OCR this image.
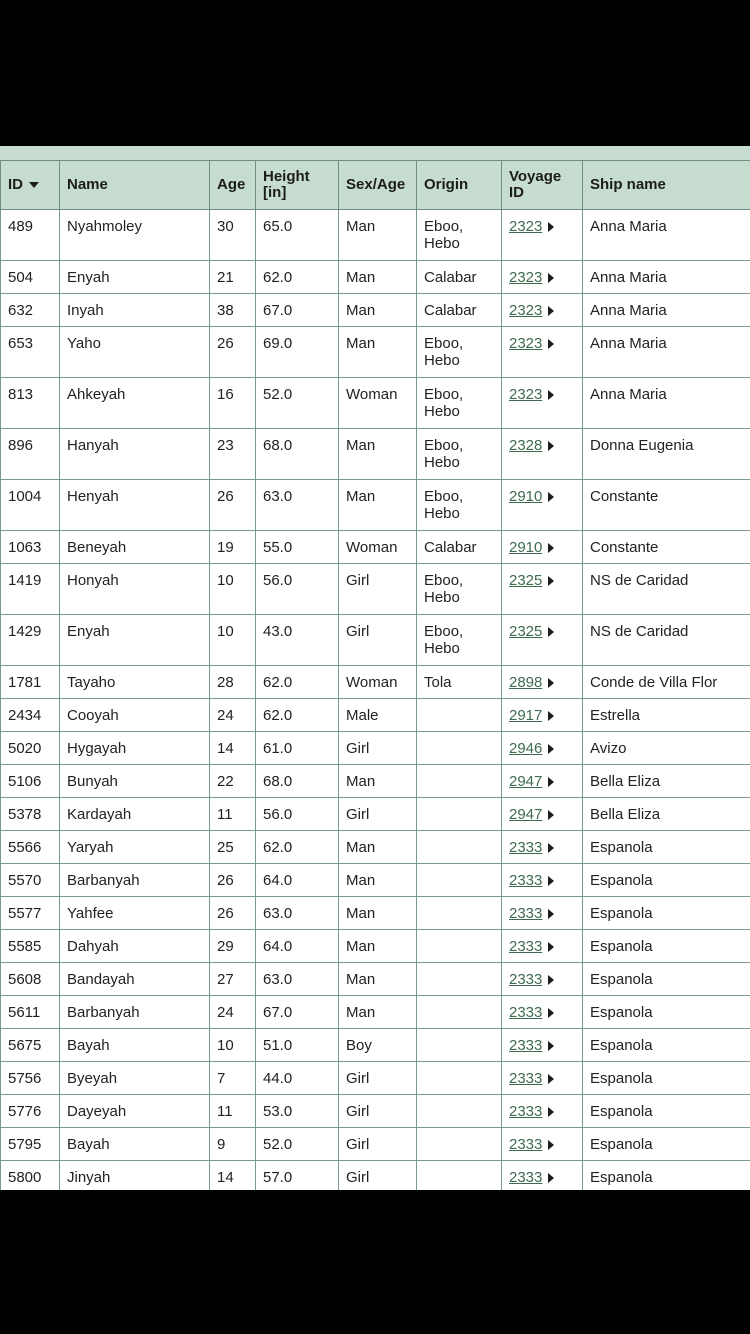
ID	Name	Age	Height [in]	Sex/Age	Origin	Voyage ID	Ship name
489	Nyahmoley	30	65.0	Man	Eboo, Hebo	2323	Anna Maria
504	Enyah	21	62.0	Man	Calabar	2323	Anna Maria
632	Inyah	38	67.0	Man	Calabar	2323	Anna Maria
653	Yaho	26	69.0	Man	Eboo, Hebo	2323	Anna Maria
813	Ahkeyah	16	52.0	Woman	Eboo, Hebo	2323	Anna Maria
896	Hanyah	23	68.0	Man	Eboo, Hebo	2328	Donna Eugenia
1004	Henyah	26	63.0	Man	Eboo, Hebo	2910	Constante
1063	Beneyah	19	55.0	Woman	Calabar	2910	Constante
1419	Honyah	10	56.0	Girl	Eboo, Hebo	2325	NS de Caridad
1429	Enyah	10	43.0	Girl	Eboo, Hebo	2325	NS de Caridad
1781	Tayaho	28	62.0	Woman	Tola	2898	Conde de Villa Flor
2434	Cooyah	24	62.0	Male		2917	Estrella
5020	Hygayah	14	61.0	Girl		2946	Avizo
5106	Bunyah	22	68.0	Man		2947	Bella Eliza
5378	Kardayah	11	56.0	Girl		2947	Bella Eliza
5566	Yaryah	25	62.0	Man		2333	Espanola
5570	Barbanyah	26	64.0	Man		2333	Espanola
5577	Yahfee	26	63.0	Man		2333	Espanola
5585	Dahyah	29	64.0	Man		2333	Espanola
5608	Bandayah	27	63.0	Man		2333	Espanola
5611	Barbanyah	24	67.0	Man		2333	Espanola
5675	Bayah	10	51.0	Boy		2333	Espanola
5756	Byeyah	7	44.0	Girl		2333	Espanola
5776	Dayeyah	11	53.0	Girl		2333	Espanola
5795	Bayah	9	52.0	Girl		2333	Espanola
5800	Jinyah	14	57.0	Girl		2333	Espanola
